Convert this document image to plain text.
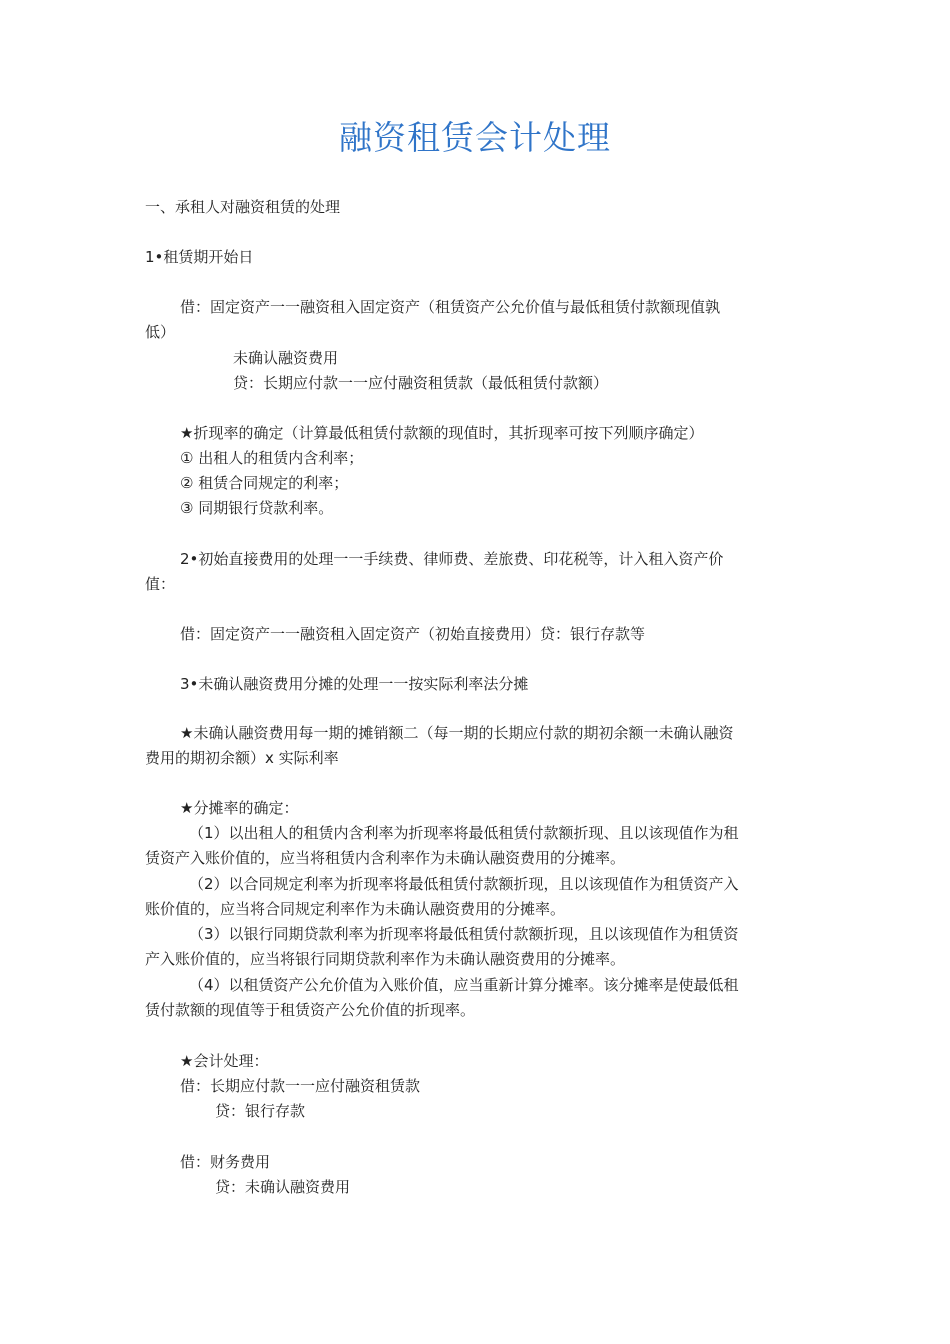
融资租赁会计处理
一、承租人对融资租赁的处理
1•租赁期开始日
借：固定资产一一融资租入固定资产（租赁资产公允价值与最低租赁付款额现值孰
低）
未确认融资费用
贷：长期应付款一一应付融资租赁款（最低租赁付款额）
★折现率的确定（计算最低租赁付款额的现值时，其折现率可按下列顺序确定）
① 出租人的租赁内含利率；
② 租赁合同规定的利率；
③ 同期银行贷款利率。
2•初始直接费用的处理一一手续费、律师费、差旅费、印花税等，计入租入资产价
值：
借：固定资产一一融资租入固定资产（初始直接费用）贷：银行存款等
3•未确认融资费用分摊的处理一一按实际利率法分摊
★未确认融资费用每一期的摊销额二（每一期的长期应付款的期初余额一未确认融资
费用的期初余额）x 实际利率
★分摊率的确定：
（1）以出租人的租赁内含利率为折现率将最低租赁付款额折现、且以该现值作为租
赁资产入账价值的，应当将租赁内含利率作为未确认融资费用的分摊率。
（2）以合同规定利率为折现率将最低租赁付款额折现，且以该现值作为租赁资产入
账价值的，应当将合同规定利率作为未确认融资费用的分摊率。
（3）以银行同期贷款利率为折现率将最低租赁付款额折现，且以该现值作为租赁资
产入账价值的，应当将银行同期贷款利率作为未确认融资费用的分摊率。
（4）以租赁资产公允价值为入账价值，应当重新计算分摊率。该分摊率是使最低租
赁付款额的现值等于租赁资产公允价值的折现率。
★会计处理：
借：长期应付款一一应付融资租赁款
贷：银行存款
借：财务费用
贷：未确认融资费用
